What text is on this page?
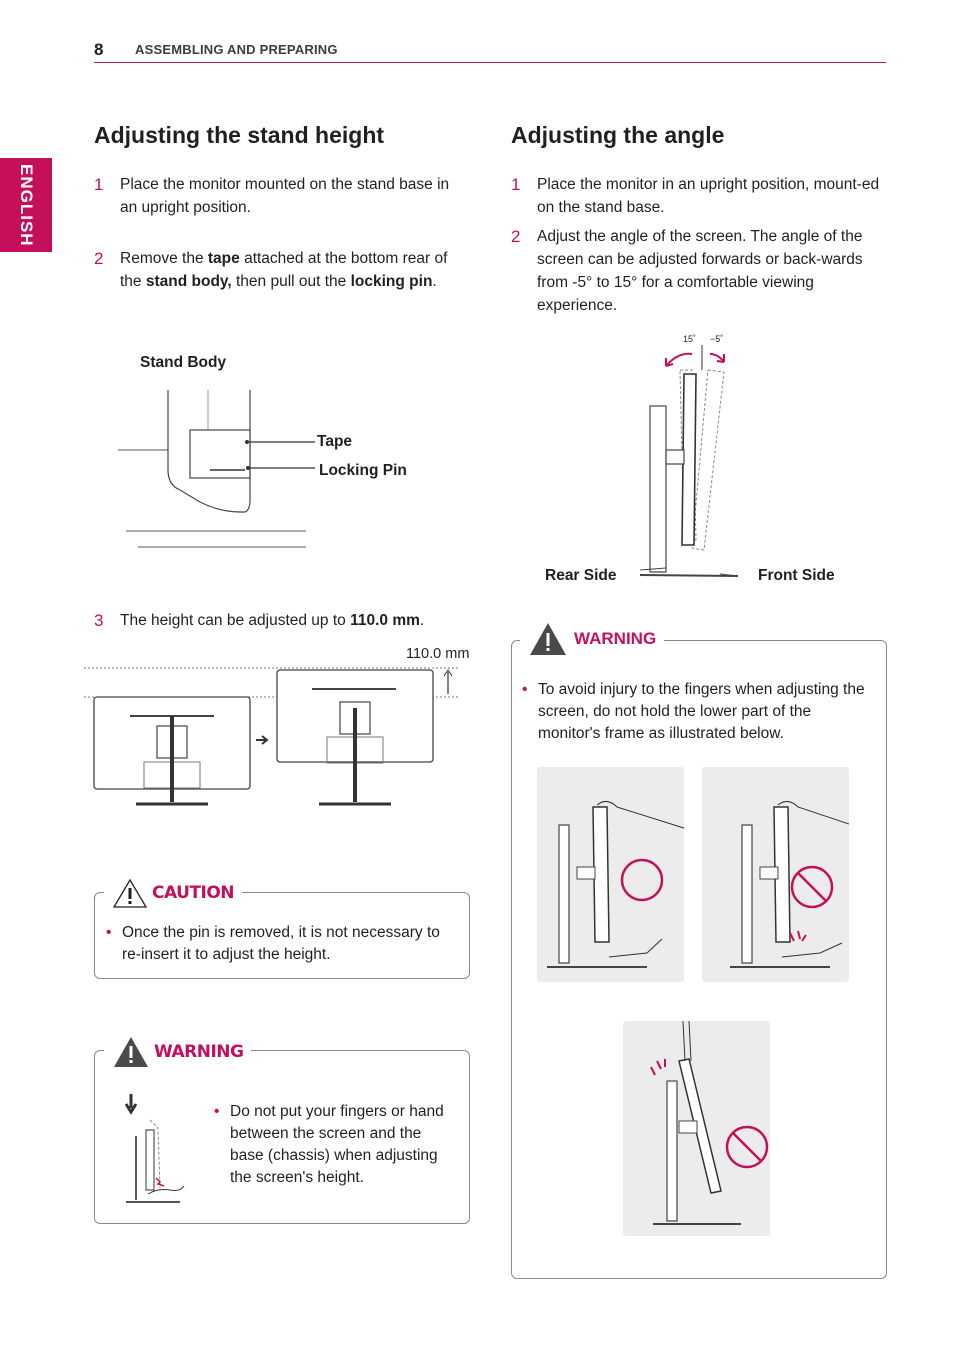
8 ASSEMBLING AND PREPARING
ENGLISH
Adjusting the stand height
1 Place the monitor mounted on the stand base in an upright position.
2 Remove the tape attached at the bottom rear of the stand body, then pull out the locking pin.
Stand Body
Tape
Locking Pin
3 The height can be adjusted up to 110.0 mm.
110.0 mm
CAUTION
• Once the pin is removed, it is not necessary to re-insert it to adjust the height.
WARNING
• Do not put your fingers or hand between the screen and the base (chassis) when adjusting the screen's height.
Adjusting the angle
1 Place the monitor in an upright position, mount-ed on the stand base.
2 Adjust the angle of the screen. The angle of the screen can be adjusted forwards or back-wards from -5° to 15° for a comfortable viewing experience.
15˚ −5˚
Rear Side	Front Side
WARNING
• To avoid injury to the fingers when adjusting the screen, do not hold the lower part of the monitor's frame as illustrated below.
